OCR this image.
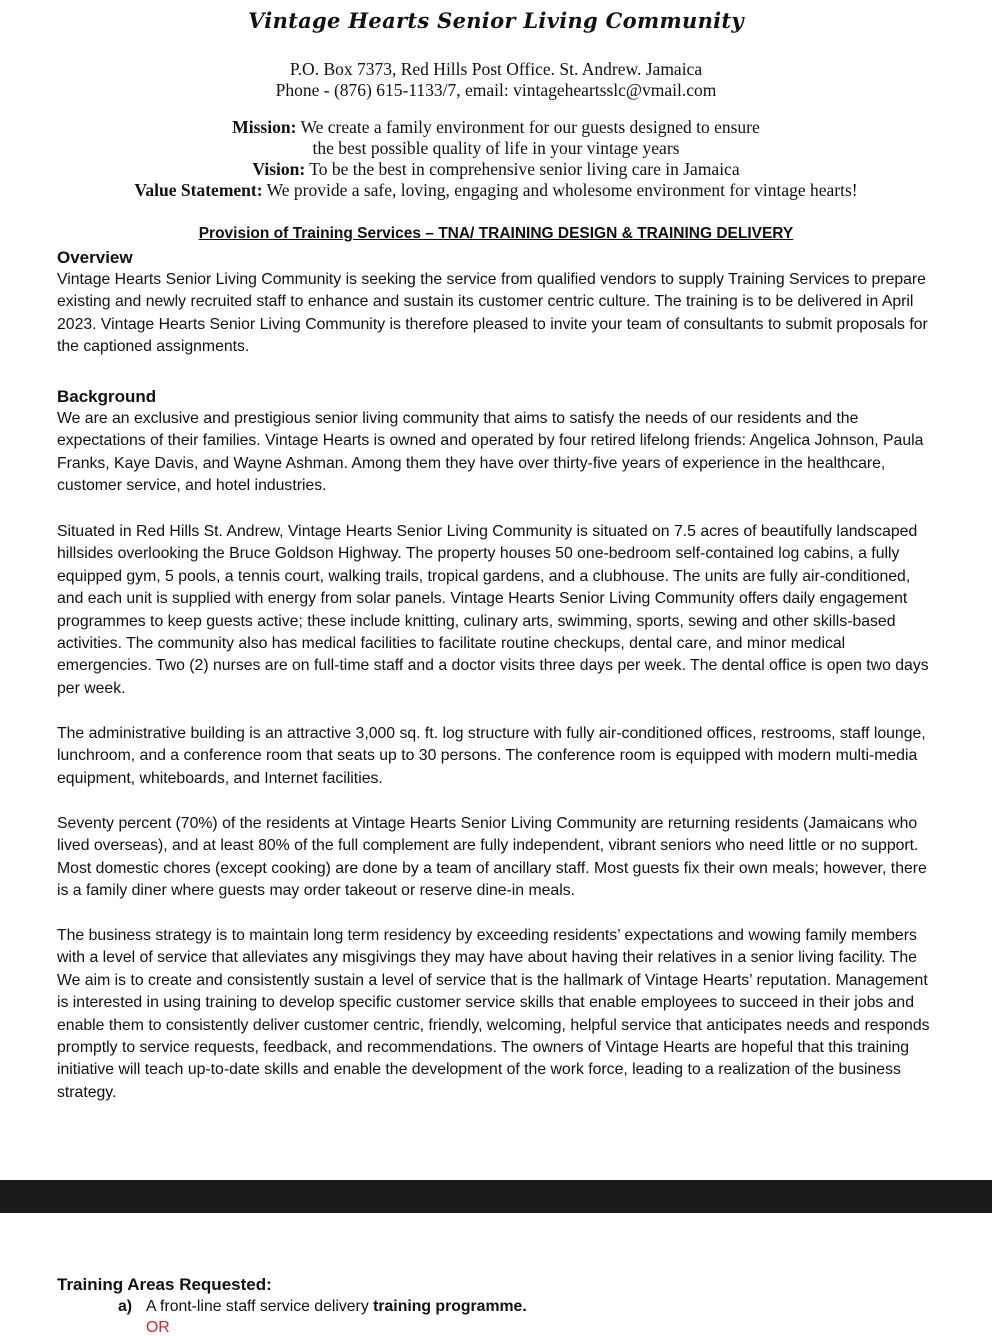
Vintage Hearts Senior Living Community
P.O. Box 7373, Red Hills Post Office. St. Andrew. Jamaica
Phone - (876) 615-1133/7, email: vintageheartsslc@vmail.com
Mission: We create a family environment for our guests designed to ensure
the best possible quality of life in your vintage years
Vision: To be the best in comprehensive senior living care in Jamaica
Value Statement: We provide a safe, loving, engaging and wholesome environment for vintage hearts!
Provision of Training Services – TNA/ TRAINING DESIGN & TRAINING DELIVERY

Overview

Vintage Hearts Senior Living Community is seeking the service from qualified vendors to supply Training Services to prepare existing and newly recruited staff to enhance and sustain its customer centric culture. The training is to be delivered in April 2023. Vintage Hearts Senior Living Community is therefore pleased to invite your team of consultants to submit proposals for the captioned assignments.

Background

We are an exclusive and prestigious senior living community that aims to satisfy the needs of our residents and the expectations of their families. Vintage Hearts is owned and operated by four retired lifelong friends: Angelica Johnson, Paula Franks, Kaye Davis, and Wayne Ashman. Among them they have over thirty-five years of experience in the healthcare, customer service, and hotel industries.

Situated in Red Hills St. Andrew, Vintage Hearts Senior Living Community is situated on 7.5 acres of beautifully landscaped hillsides overlooking the Bruce Goldson Highway. The property houses 50 one-bedroom self-contained log cabins, a fully equipped gym, 5 pools, a tennis court, walking trails, tropical gardens, and a clubhouse. The units are fully air-conditioned, and each unit is supplied with energy from solar panels. Vintage Hearts Senior Living Community offers daily engagement programmes to keep guests active; these include knitting, culinary arts, swimming, sports, sewing and other skills-based activities. The community also has medical facilities to facilitate routine checkups, dental care, and minor medical emergencies. Two (2) nurses are on full-time staff and a doctor visits three days per week. The dental office is open two days per week.

The administrative building is an attractive 3,000 sq. ft. log structure with fully air-conditioned offices, restrooms, staff lounge, lunchroom, and a conference room that seats up to 30 persons. The conference room is equipped with modern multi-media equipment, whiteboards, and Internet facilities.

Seventy percent (70%) of the residents at Vintage Hearts Senior Living Community are returning residents (Jamaicans who lived overseas), and at least 80% of the full complement are fully independent, vibrant seniors who need little or no support. Most domestic chores (except cooking) are done by a team of ancillary staff. Most guests fix their own meals; however, there is a family diner where guests may order takeout or reserve dine-in meals.

The business strategy is to maintain long term residency by exceeding residents’ expectations and wowing family members with a level of service that alleviates any misgivings they may have about having their relatives in a senior living facility. The We aim is to create and consistently sustain a level of service that is the hallmark of Vintage Hearts’ reputation. Management is interested in using training to develop specific customer service skills that enable employees to succeed in their jobs and enable them to consistently deliver customer centric, friendly, welcoming, helpful service that anticipates needs and responds promptly to service requests, feedback, and recommendations. The owners of Vintage Hearts are hopeful that this training initiative will teach up-to-date skills and enable the development of the work force, leading to a realization of the business strategy.

Training Areas Requested:
a) A front-line staff service delivery training programme.
OR
